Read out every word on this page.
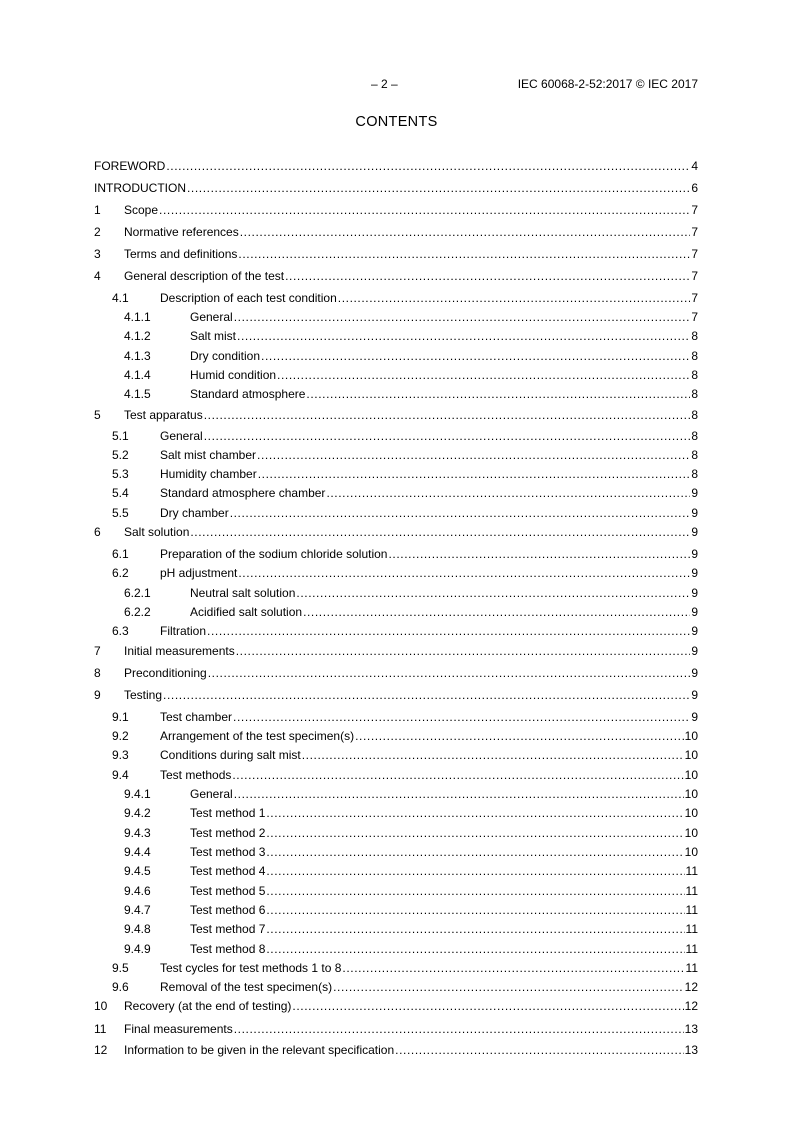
– 2 –	IEC 60068-2-52:2017 © IEC 2017
CONTENTS
FOREWORD .....	4
INTRODUCTION .....	6
1	Scope .....	7
2	Normative references .....	7
3	Terms and definitions .....	7
4	General description of the test .....	7
4.1	Description of each test condition .....	7
4.1.1	General .....	7
4.1.2	Salt mist .....	8
4.1.3	Dry condition .....	8
4.1.4	Humid condition .....	8
4.1.5	Standard atmosphere .....	8
5	Test apparatus .....	8
5.1	General .....	8
5.2	Salt mist chamber .....	8
5.3	Humidity chamber .....	8
5.4	Standard atmosphere chamber .....	9
5.5	Dry chamber .....	9
6	Salt solution .....	9
6.1	Preparation of the sodium chloride solution .....	9
6.2	pH adjustment .....	9
6.2.1	Neutral salt solution .....	9
6.2.2	Acidified salt solution .....	9
6.3	Filtration .....	9
7	Initial measurements .....	9
8	Preconditioning .....	9
9	Testing .....	9
9.1	Test chamber .....	9
9.2	Arrangement of the test specimen(s) .....	10
9.3	Conditions during salt mist .....	10
9.4	Test methods .....	10
9.4.1	General .....	10
9.4.2	Test method 1 .....	10
9.4.3	Test method 2 .....	10
9.4.4	Test method 3 .....	10
9.4.5	Test method 4 .....	11
9.4.6	Test method 5 .....	11
9.4.7	Test method 6 .....	11
9.4.8	Test method 7 .....	11
9.4.9	Test method 8 .....	11
9.5	Test cycles for test methods 1 to 8 .....	11
9.6	Removal of the test specimen(s) .....	12
10	Recovery (at the end of testing) .....	12
11	Final measurements .....	13
12	Information to be given in the relevant specification .....	13
